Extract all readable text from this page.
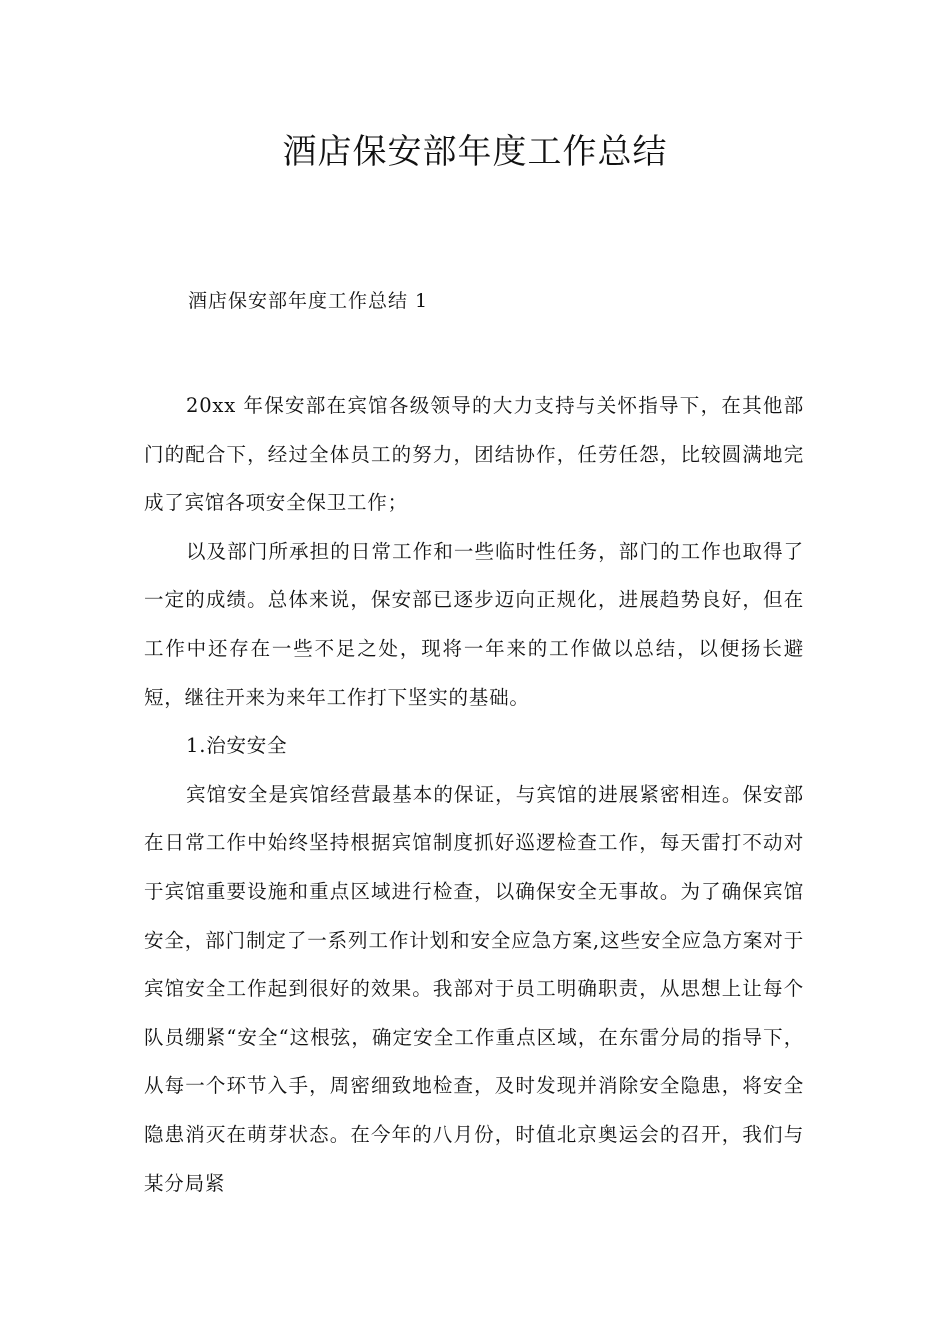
酒店保安部年度工作总结

酒店保安部年度工作总结 1

20xx 年保安部在宾馆各级领导的大力支持与关怀指导下，在其他部门的配合下，经过全体员工的努力，团结协作，任劳任怨，比较圆满地完成了宾馆各项安全保卫工作；

以及部门所承担的日常工作和一些临时性任务，部门的工作也取得了一定的成绩。总体来说，保安部已逐步迈向正规化，进展趋势良好，但在工作中还存在一些不足之处，现将一年来的工作做以总结，以便扬长避短，继往开来为来年工作打下坚实的基础。

1.治安安全

宾馆安全是宾馆经营最基本的保证，与宾馆的进展紧密相连。保安部在日常工作中始终坚持根据宾馆制度抓好巡逻检查工作，每天雷打不动对于宾馆重要设施和重点区域进行检查，以确保安全无事故。为了确保宾馆安全，部门制定了一系列工作计划和安全应急方案,这些安全应急方案对于宾馆安全工作起到很好的效果。我部对于员工明确职责，从思想上让每个队员绷紧“安全“这根弦，确定安全工作重点区域，在东雷分局的指导下，从每一个环节入手，周密细致地检查，及时发现并消除安全隐患，将安全隐患消灭在萌芽状态。在今年的八月份，时值北京奥运会的召开，我们与某分局紧
